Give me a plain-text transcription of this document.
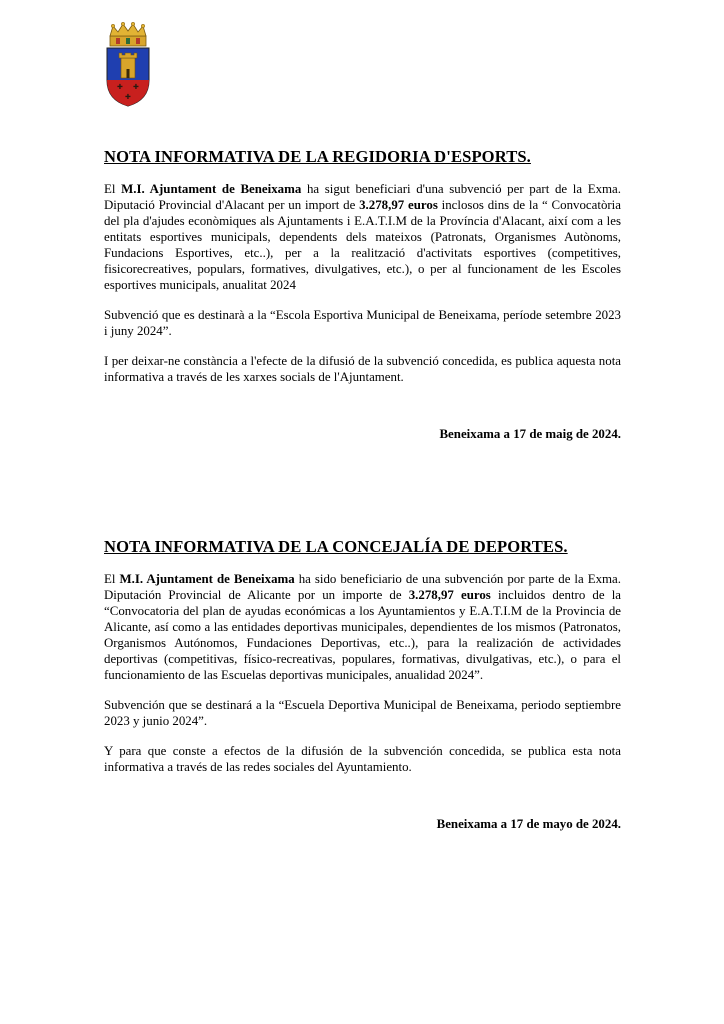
✚ ✚
✚
NOTA INFORMATIVA DE LA REGIDORIA D'ESPORTS.

El M.I. Ajuntament de Beneixama ha sigut beneficiari d'una subvenció per part de la Exma. Diputació Provincial d'Alacant per un import de 3.278,97 euros inclosos dins de la “ Convocatòria del pla d'ajudes econòmiques als Ajuntaments i E.A.T.I.M de la Província d'Alacant, així com a les entitats esportives municipals, dependents dels mateixos (Patronats, Organismes Autònoms, Fundacions Esportives, etc..), per a la realització d'activitats esportives (competitives, fisicorecreatives, populars, formatives, divulgatives, etc.), o per al funcionament de les Escoles esportives municipals, anualitat 2024

Subvenció que es destinarà a la “Escola Esportiva Municipal de Beneixama, període setembre 2023 i juny 2024”.

I per deixar-ne constància a l'efecte de la difusió de la subvenció concedida, es publica aquesta nota informativa a través de les xarxes socials de l'Ajuntament.

Beneixama a 17 de maig de 2024.
NOTA INFORMATIVA DE LA CONCEJALÍA DE DEPORTES.

El M.I. Ajuntament de Beneixama ha sido beneficiario de una subvención por parte de la Exma. Diputación Provincial de Alicante por un importe de 3.278,97 euros incluidos dentro de la “Convocatoria del plan de ayudas económicas a los Ayuntamientos y E.A.T.I.M de la Provincia de Alicante, así como a las entidades deportivas municipales, dependientes de los mismos (Patronatos, Organismos Autónomos, Fundaciones Deportivas, etc..), para la realización de actividades deportivas (competitivas, físico-recreativas, populares, formativas, divulgativas, etc.), o para el funcionamiento de las Escuelas deportivas municipales, anualidad 2024”.

Subvención que se destinará a la “Escuela Deportiva Municipal de Beneixama, periodo septiembre 2023 y junio 2024”.

Y para que conste a efectos de la difusión de la subvención concedida, se publica esta nota informativa a través de las redes sociales del Ayuntamiento.

Beneixama a 17 de mayo de 2024.
